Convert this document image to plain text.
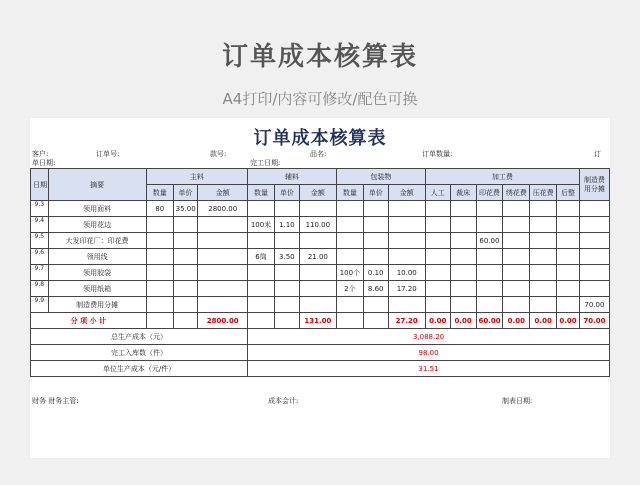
订单成本核算表
A4打印/内容可修改/配色可换
订单成本核算表
客户:	订单号:	款号:	品名:	订单数量:	订
单日期:	完工日期:
日期	摘要	主料			辅料			包装物			加工费						制造费用分摊
		数量	单价	金额	数量	单价	金额	数量	单价	金额	人工	裁床	印花费	绣花费	压花费	后整	
9.3	领用面料	80	35.00	2800.00													
9.4	领用花边				100米	1.10	110.00										
9.5	大发印花厂：印花费												60.00				
9.6	领用线				6筒	3.50	21.00										
9.7	领用胶袋							100个	0.10	10.00							
9.8	领用纸箱							2个	8.60	17.20							
9.9	制造费用分摊																70.00
分 项 小 计				2800.00			131.00			27.20	0.00	0.00	60.00	0.00	0.00	0.00	70.00
总生产成本（元）					3,088.20												
完工入库数（件）					98.00												
单位生产成本（元/件）					31.51												
财务 财务主管:	成本会计:	制表日期:
